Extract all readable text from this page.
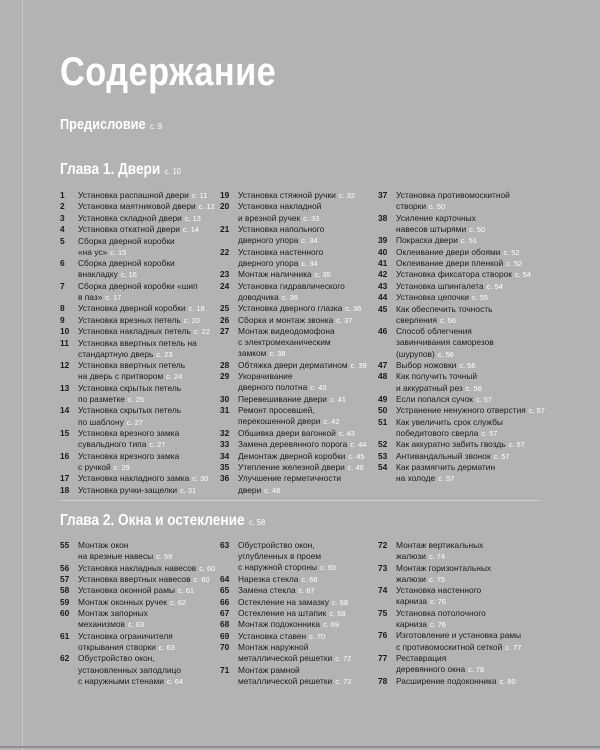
Содержание
Предисловие с. 9
Глава 1. Двери с. 10
1 Установка распашной двери с. 11
2 Установка маятниковой двери с. 12
3 Установка складной двери с. 13
4 Установка откатной двери с. 14
5 Сборка дверной коробки
«на ус» с. 15
6 Сборка дверной коробки
внакладку с. 16
7 Сборка дверной коробки «шип
в паз» с. 17
8 Установка дверной коробки с. 18
9 Установка врезных петель с. 20
10 Установка накладных петель с. 22
11 Установка ввертных петель на
стандартную дверь с. 23
12 Установка ввертных петель
на дверь с притвором с. 24
13 Установка скрытых петель
по разметке с. 25
14 Установка скрытых петель
по шаблону с. 27
15 Установка врезного замка
сувальдного типа с. 27
16 Установка врезного замка
с ручкой с. 29
17 Установка накладного замка с. 30
18 Установка ручки-защелки с. 31
19 Установка стяжной ручки с. 32
20 Установка накладной
и врезной ручек с. 33
21 Установка напольного
дверного упора с. 34
22 Установка настенного
дверного упора с. 34
23 Монтаж наличника с. 35
24 Установка гидравлического
доводчика с. 36
25 Установка дверного глазка с. 36
26 Сборка и монтаж звонка с. 37
27 Монтаж видеодомофона
с электромеханическим
замком с. 38
28 Обтяжка двери дерматином с. 39
29 Укорачивание
дверного полотна с. 40
30 Перевешивание двери с. 41
31 Ремонт просевшей,
перекошенной двери с. 42
32 Обшивка двери вагонкой с. 43
33 Замена деревянного порога с. 44
34 Демонтаж дверной коробки с. 45
35 Утепление железной двери с. 46
36 Улучшение герметичности
двери с. 48
37 Установка противомоскитной
створки с. 50
38 Усиление карточных
навесов штырями с. 50
39 Покраска двери с. 51
40 Оклеивание двери обоями с. 52
41 Оклеивание двери пленкой с. 52
42 Установка фиксатора створок с. 54
43 Установка шпингалета с. 54
44 Установка цепочки с. 55
45 Как обеспечить точность
сверления с. 56
46 Способ облегчения
завинчивания саморезов
(шурупов) с. 56
47 Выбор ножовки с. 56
48 Как получить точный
и аккуратный рез с. 56
49 Если попался сучок с. 57
50 Устранение ненужного отверстия с. 57
51 Как увеличить срок службы
победитового сверла с. 57
52 Как аккуратно забить гвоздь с. 57
53 Антивандальный звонок с. 57
54 Как размягчить дерматин
на холоде с. 57
Глава 2. Окна и остекление с. 58
55 Монтаж окон
на врезные навесы с. 59
56 Установка накладных навесов с. 60
57 Установка ввертных навесов с. 60
58 Установка оконной рамы с. 61
59 Монтаж оконных ручек с. 62
60 Монтаж запорных
механизмов с. 63
61 Установка ограничителя
открывания створки с. 63
62 Обустройство окон,
установленных заподлицо
с наружными стенами с. 64
63 Обустройство окон,
углубленных в проем
с наружной стороны с. 65
64 Нарезка стекла с. 66
65 Замена стекла с. 67
66 Остекление на замазку с. 68
67 Остекление на штапик с. 68
68 Монтаж подоконника с. 69
69 Установка ставен с. 70
70 Монтаж наружной
металлической решетки с. 72
71 Монтаж рамной
металлической решетки с. 73
72 Монтаж вертикальных
жалюзи с. 74
73 Монтаж горизонтальных
жалюзи с. 75
74 Установка настенного
карниза с. 76
75 Установка потолочного
карниза с. 76
76 Изготовление и установка рамы
с противомоскитной сеткой с. 77
77 Реставрация
деревянного окна с. 78
78 Расширение подоконника с. 80
